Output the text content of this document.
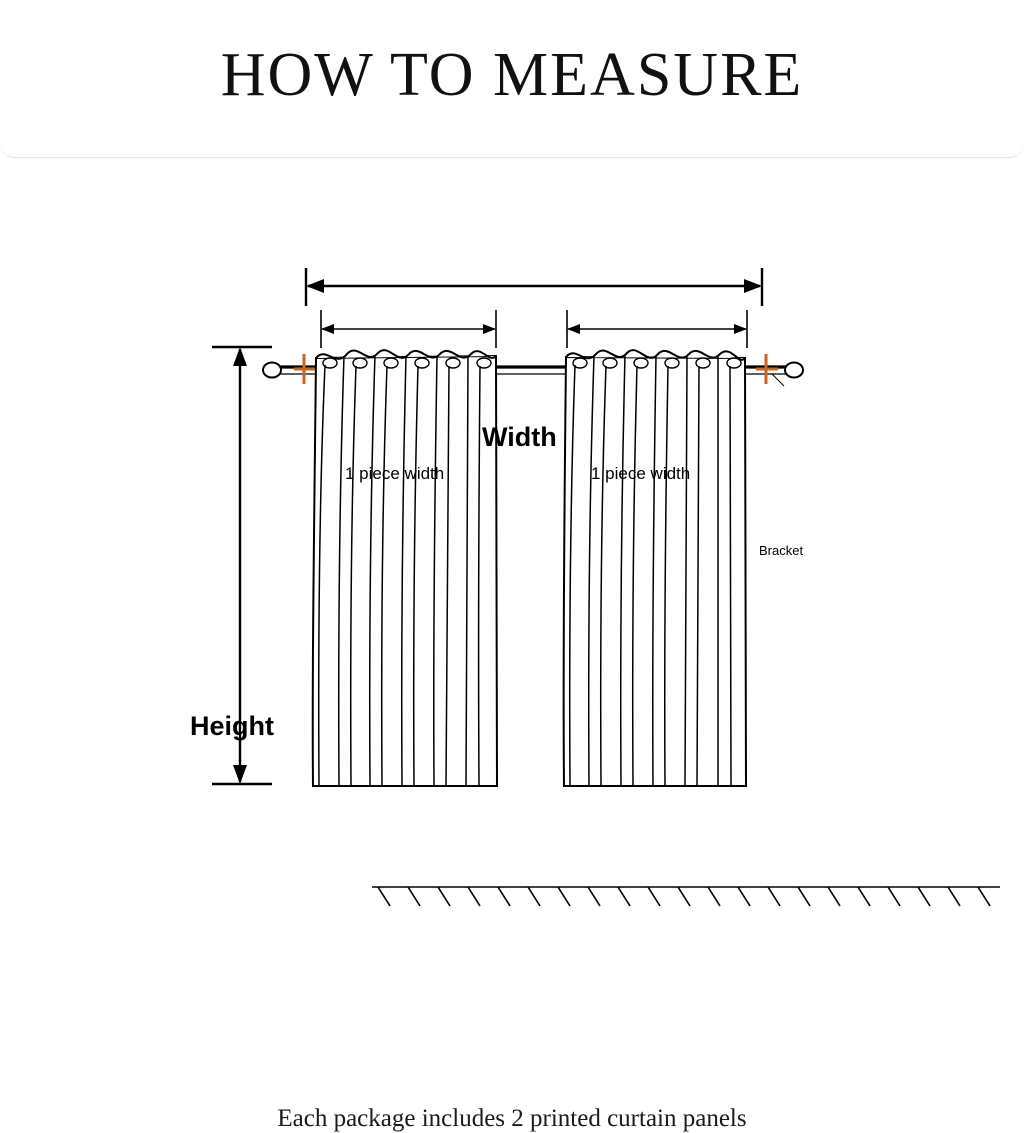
HOW TO MEASURE
Width
Height
1 piece width	1 piece width
Bracket
Each package includes 2 printed curtain panels
